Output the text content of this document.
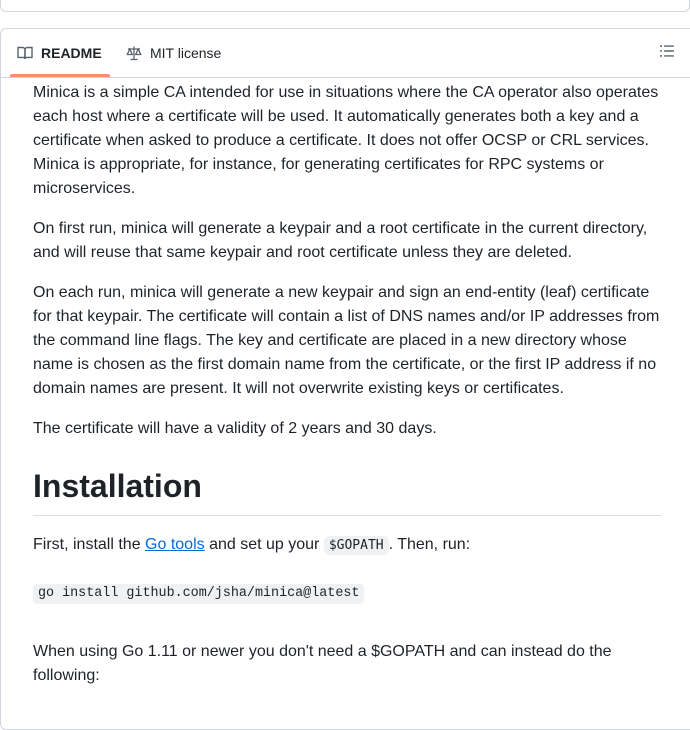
README	MIT license

Minica is a simple CA intended for use in situations where the CA operator also operates each host where a certificate will be used. It automatically generates both a key and a certificate when asked to produce a certificate. It does not offer OCSP or CRL services. Minica is appropriate, for instance, for generating certificates for RPC systems or microservices.

On first run, minica will generate a keypair and a root certificate in the current directory, and will reuse that same keypair and root certificate unless they are deleted.

On each run, minica will generate a new keypair and sign an end-entity (leaf) certificate for that keypair. The certificate will contain a list of DNS names and/or IP addresses from the command line flags. The key and certificate are placed in a new directory whose name is chosen as the first domain name from the certificate, or the first IP address if no domain names are present. It will not overwrite existing keys or certificates.

The certificate will have a validity of 2 years and 30 days.

Installation

First, install the Go tools and set up your $GOPATH . Then, run:

go install github.com/jsha/minica@latest

When using Go 1.11 or newer you don't need a $GOPATH and can instead do the following:
